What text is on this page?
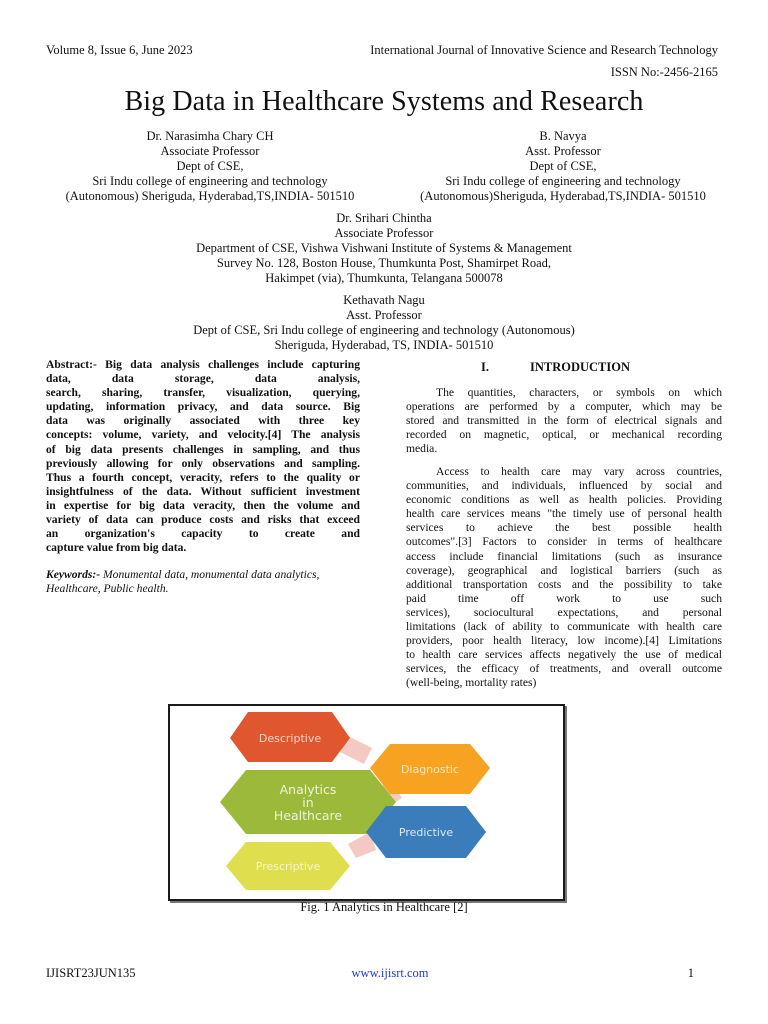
Volume 8, Issue 6, June 2023	International Journal of Innovative Science and Research Technology
ISSN No:-2456-2165
Big Data in Healthcare Systems and Research
Dr. Narasimha Chary CH
Associate Professor
Dept of CSE,
Sri Indu college of engineering and technology
(Autonomous) Sheriguda, Hyderabad,TS,INDIA- 501510
B. Navya
Asst. Professor
Dept of CSE,
Sri Indu college of engineering and technology
(Autonomous)Sheriguda, Hyderabad,TS,INDIA- 501510
Dr. Srihari Chintha
Associate Professor
Department of CSE, Vishwa Vishwani Institute of Systems & Management
Survey No. 128, Boston House, Thumkunta Post, Shamirpet Road,
Hakimpet (via), Thumkunta, Telangana 500078
Kethavath Nagu
Asst. Professor
Dept of CSE, Sri Indu college of engineering and technology (Autonomous)
Sheriguda, Hyderabad, TS, INDIA- 501510
Abstract:- Big data analysis challenges include capturing
data, data storage, data analysis,
search, sharing, transfer, visualization, querying,
updating, information privacy, and data source. Big
data was originally associated with three key
concepts: volume, variety, and velocity.[4] The analysis
of big data presents challenges in sampling, and thus
previously allowing for only observations and sampling.
Thus a fourth concept, veracity, refers to the quality or
insightfulness of the data. Without sufficient investment
in expertise for big data veracity, then the volume and
variety of data can produce costs and risks that exceed
an organization's capacity to create and
capture value from big data.
Keywords:- Monumental data, monumental data analytics, Healthcare, Public health.
I.	INTRODUCTION
The quantities, characters, or symbols on which
operations are performed by a computer, which may be
stored and transmitted in the form of electrical signals and
recorded on magnetic, optical, or mechanical recording
media.
Access to health care may vary across countries,
communities, and individuals, influenced by social and
economic conditions as well as health policies. Providing
health care services means "the timely use of personal health
services to achieve the best possible health
outcomes".[3] Factors to consider in terms of healthcare
access include financial limitations (such as insurance
coverage), geographical and logistical barriers (such as
additional transportation costs and the possibility to take
paid time off work to use such
services), sociocultural expectations, and personal
limitations (lack of ability to communicate with health care
providers, poor health literacy, low income).[4] Limitations
to health care services affects negatively the use of medical
services, the efficacy of treatments, and overall outcome
(well-being, mortality rates)
Descriptive
Diagnostic
Analytics
in
Healthcare
Predictive
Prescriptive
Fig. 1 Analytics in Healthcare [2]
IJISRT23JUN135	www.ijisrt.com	1
